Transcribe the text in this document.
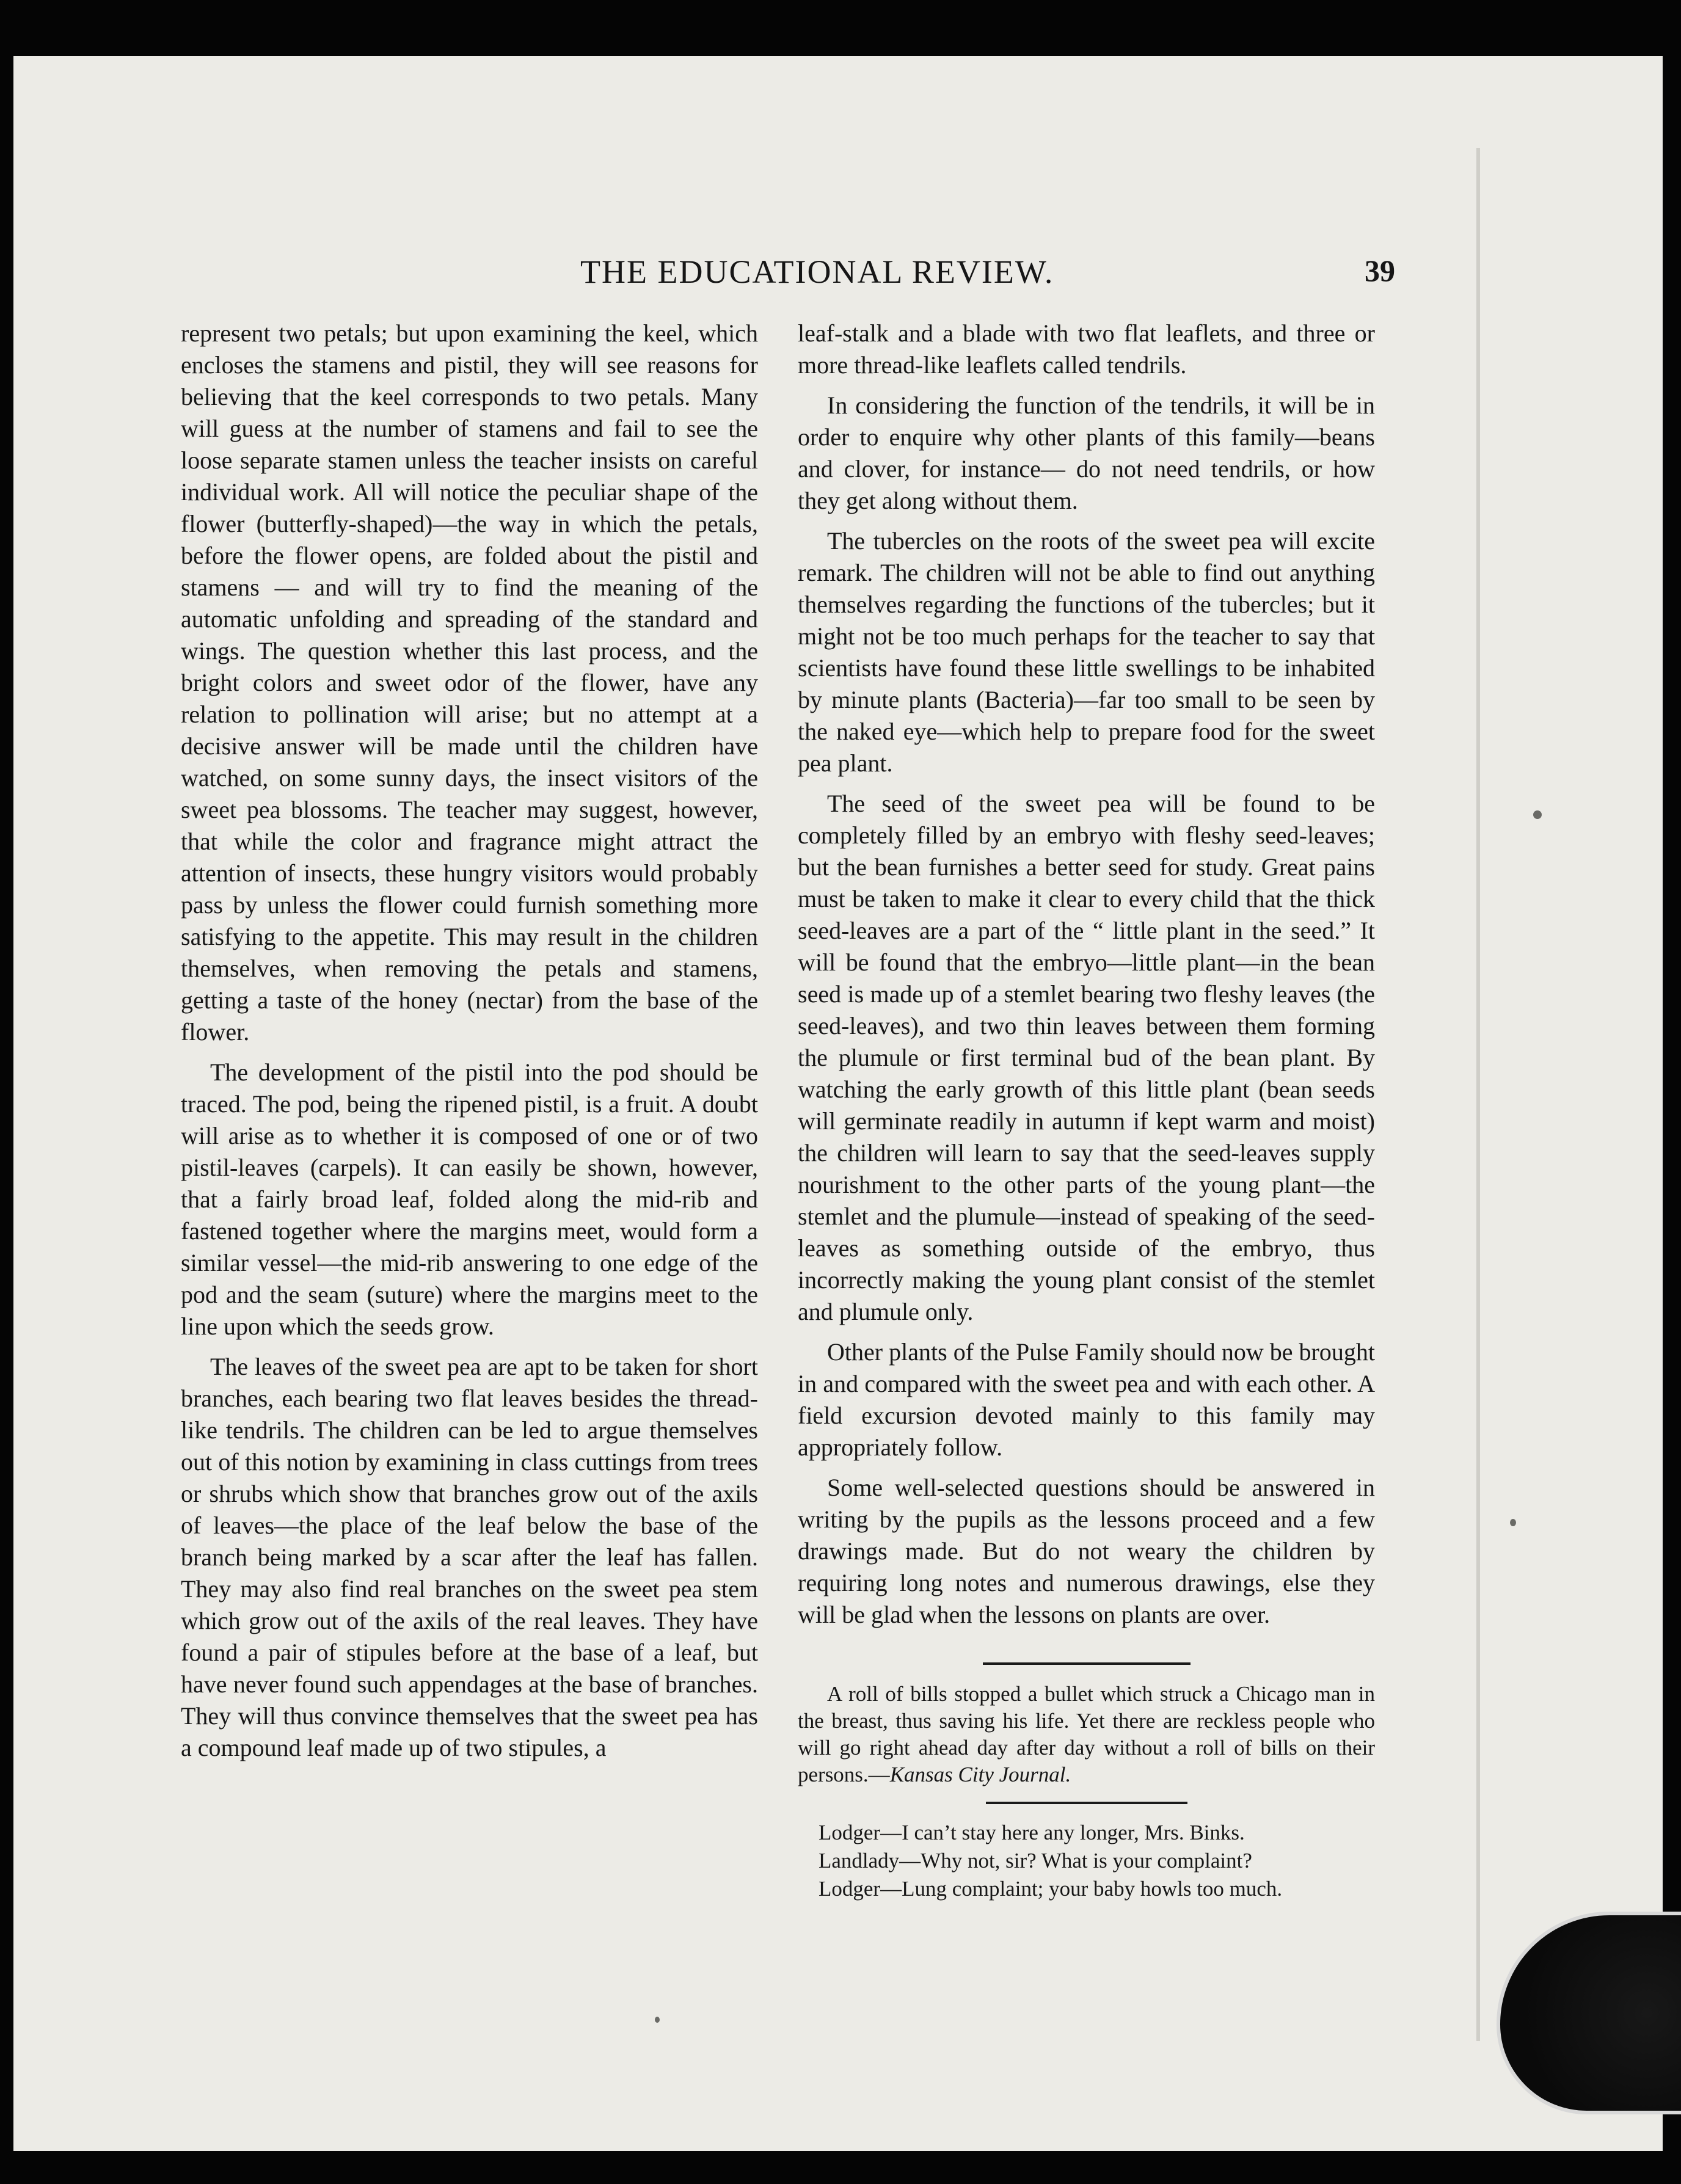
THE EDUCATIONAL REVIEW.	39

represent two petals; but upon examining the keel, which encloses the stamens and pistil, they will see reasons for believing that the keel corresponds to two petals. Many will guess at the number of stamens and fail to see the loose separate stamen unless the teacher insists on careful individual work. All will notice the peculiar shape of the flower (butterfly-shaped)—the way in which the petals, before the flower opens, are folded about the pistil and stamens — and will try to find the meaning of the automatic unfolding and spreading of the standard and wings. The question whether this last process, and the bright colors and sweet odor of the flower, have any relation to pollination will arise; but no attempt at a decisive answer will be made until the children have watched, on some sunny days, the insect visitors of the sweet pea blossoms. The teacher may suggest, however, that while the color and fragrance might attract the attention of insects, these hungry visitors would probably pass by unless the flower could furnish something more satisfying to the appetite. This may result in the children themselves, when removing the petals and stamens, getting a taste of the honey (nectar) from the base of the flower.

The development of the pistil into the pod should be traced. The pod, being the ripened pistil, is a fruit. A doubt will arise as to whether it is composed of one or of two pistil-leaves (carpels). It can easily be shown, however, that a fairly broad leaf, folded along the mid-rib and fastened together where the margins meet, would form a similar vessel—the mid-rib answering to one edge of the pod and the seam (suture) where the margins meet to the line upon which the seeds grow.

The leaves of the sweet pea are apt to be taken for short branches, each bearing two flat leaves besides the thread-like tendrils. The children can be led to argue themselves out of this notion by examining in class cuttings from trees or shrubs which show that branches grow out of the axils of leaves—the place of the leaf below the base of the branch being marked by a scar after the leaf has fallen. They may also find real branches on the sweet pea stem which grow out of the axils of the real leaves. They have found a pair of stipules before at the base of a leaf, but have never found such appendages at the base of branches. They will thus convince themselves that the sweet pea has a compound leaf made up of two stipules, a

leaf-stalk and a blade with two flat leaflets, and three or more thread-like leaflets called tendrils.

In considering the function of the tendrils, it will be in order to enquire why other plants of this family—beans and clover, for instance— do not need tendrils, or how they get along without them.

The tubercles on the roots of the sweet pea will excite remark. The children will not be able to find out anything themselves regarding the functions of the tubercles; but it might not be too much perhaps for the teacher to say that scientists have found these little swellings to be inhabited by minute plants (Bacteria)—far too small to be seen by the naked eye—which help to prepare food for the sweet pea plant.

The seed of the sweet pea will be found to be completely filled by an embryo with fleshy seed-leaves; but the bean furnishes a better seed for study. Great pains must be taken to make it clear to every child that the thick seed-leaves are a part of the “ little plant in the seed.” It will be found that the embryo—little plant—in the bean seed is made up of a stemlet bearing two fleshy leaves (the seed-leaves), and two thin leaves between them forming the plumule or first terminal bud of the bean plant. By watching the early growth of this little plant (bean seeds will germinate readily in autumn if kept warm and moist) the children will learn to say that the seed-leaves supply nourishment to the other parts of the young plant—the stemlet and the plumule—instead of speaking of the seed-leaves as something outside of the embryo, thus incorrectly making the young plant consist of the stemlet and plumule only.

Other plants of the Pulse Family should now be brought in and compared with the sweet pea and with each other. A field excursion devoted mainly to this family may appropriately follow.

Some well-selected questions should be answered in writing by the pupils as the lessons proceed and a few drawings made. But do not weary the children by requiring long notes and numerous drawings, else they will be glad when the lessons on plants are over.

A roll of bills stopped a bullet which struck a Chicago man in the breast, thus saving his life. Yet there are reckless people who will go right ahead day after day without a roll of bills on their persons.—Kansas City Journal.

Lodger—I can’t stay here any longer, Mrs. Binks.
Landlady—Why not, sir? What is your complaint?
Lodger—Lung complaint; your baby howls too much.
